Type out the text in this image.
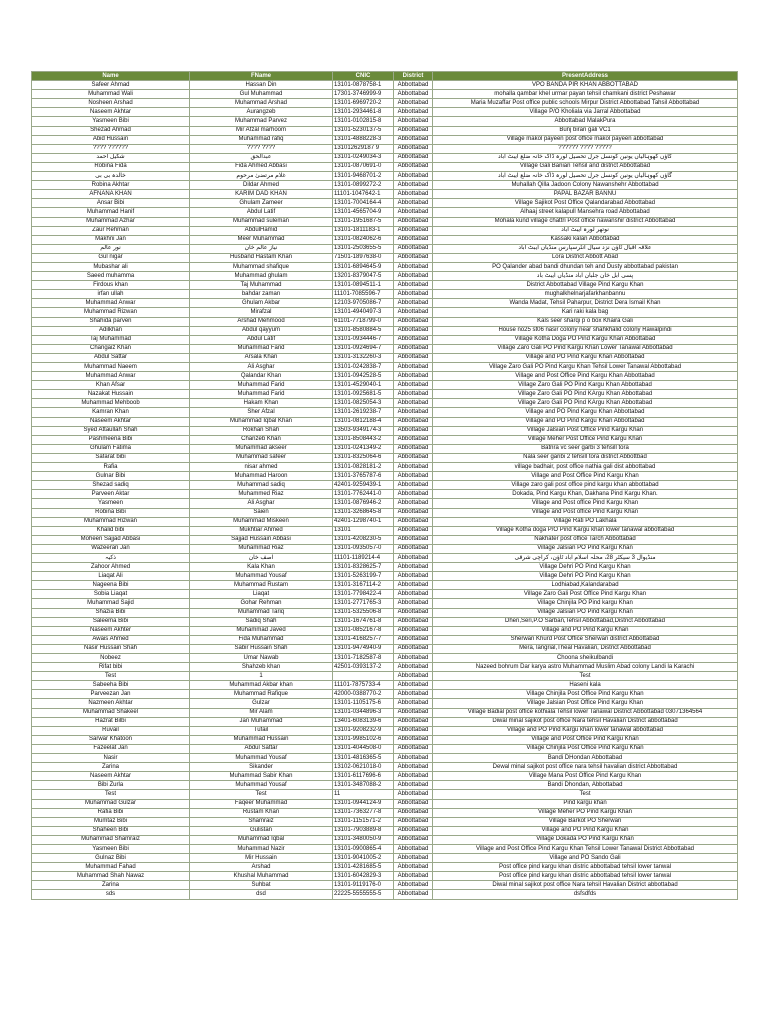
Name	FName	CNIC	District	PresentAddress
Safeer Ahmad	Hassan Din	13101-0878758-1	Abbottabad	VPO BANDA PIR KHAN ABBOTTABAD
Muhammad Wali	Gul Muhammad	17301-3746999-9	Abbottabad	mohalla qambar khel urmar payan tehsil chamkani district Peshawar
Nosheen Arshad	Muhammad Arshad	13101-6969720-2	Abbottabad	Maria Muzaffar Post office public schools Mirpur District Abbottabad Tahsil Abbottabad
Naseem Akhtar	Aurangzeb	13101-2934461-8	Abbottabad	Village P/O Kholiala via Jarral Abbottabad
Yasmeen Bibi	Muhammad Parvez	13101-0102815-8	Abbottabad	Abbottabad MalakPura
Shezad Ahmad	Mir Afzal marhoom	13101-5230137-5	Abbottabad	Bunj biran gali VC1
Abid Hussain	Muhammad rafiq	13101-4888228-3	Abbottabad	Village makol payeen post office makol payeen abbottabad
???? ??????	???? ????	131012629187 9	Abbottabad	?????? ???? ?????
شکیل احمد	عبدالحق	13101-0249034-3	Abbottabad	گاؤں کھوہالیاں یونین کونسل جرل تحصیل لورہ ڈاک خانہ ضلع ایبٹ آباد
Robina Fida	Fida Ahmed Abbasi	13101-0870691-0	Abbottabad	Village Gali Banian Tehsil and district Abbottabad
خالدہ بی بی	غلام مرتضیٰ مرحوم	13101-9468701-2	Abbottabad	گاؤں کھوہالیاں یونین کونسل جرل تحصیل لورہ ڈاک خانہ ضلع ایبٹ آباد
Robina Akhtar	Dildar Ahmed	13101-0899272-2	Abbottabad	Muhallah Qilla Jadoon Colony Nawanshehr Abbottabad
AFNANA KHAN	KARIM DAD KHAN	11101-1047642-1	Abbottabad	PAPAL BAZAR BANNU
Ansar Bibi	Ghulam Zameer	13101-7004164-4	Abbottabad	Village Sajikot Post Office Qalandarabad Abbottabad
Muhammad Hanif	Abdul Latif	13101-4565704-9	Abbottabad	Alhaaj street kalapull Mansehra road Abbottabad
Muhammad Azhar	Muhammad suleman	13101-1951687-5	Abbottabad	Mohala kund village chattri Post office nawanshir district Abbottabad
Zaur Rehman	AbdulHamid	13101-1811183-1	Abbottabad	نوتھر لورہ ایبٹ آباد
Makhni Jan	Meer Muhammad	13101-0824062-6	Abbottabad	Kassaki kalan Abbottabad
نور عالم	نیاز عالم خان	13101-2503655-5	Abbottabad	علاقہ اقبال ٹاؤن نزد سیال انٹرسپارس منڈیاں ایبٹ آباد
Gul nigar	Husband Hastam Khan	71501-1897638-0	Abbottabad	Lora District Abbott Abad
Mubashar ali	Muhammad shafique	13101-6894645-9	Abbottabad	PO Qalander abad bandi dhundan teh and Dusty abbottabad pakistan
Saeed muhamma	Muhammad ghulam	13201-8379047-5	Abbottabad	پسی آبل خان جلبان آباد منڈیاں ایبٹ باد
Firdous khan	Taj Muhammad	13101-0894511-1	Abbottabad	District Abbottabad Village Pind Kargu Khan
irfan ullah	bahdar zaman	11101-7085596-7	Abbottabad	mughalkhelnarjafarkhanbannu
Muhammad Anwar	Ghulam Akbar	12103-9705086-7	Abbottabad	Wanda Madat, Tehsil Paharpur, District Dera Ismail Khan
Muhammad Rizwan	Mirafzal	13101-4940497-3	Abbottabad	Kari raki kala bag
Shahida parven	Arshad Mehmood	61101-7718799-0	Abbottabad	Kals seer sharqi p o box Khaira Gali
Adilkhan	Abdul qayyum	13101-8580884-5	Abbottabad	House no25 st06 nasir colony near shahkhalid colony Rawalpindi
Taj Muhammad	Abdul Latif	13101-0934446-7	Abbottabad	Village Kotha Doga PO Pind Kargu Khan Abbottabad
Changaiz Khan	Muhammad Farid	13101-0924694-7	Abbottabad	Village Zaro Gali PO Pind Kargu Khan Lower Tanawal Abbottabad
Abdul Sattar	Arsala Khan	13101-3132260-3	Abbottabad	Village and PO Pind Kargu Khan Abbottabad
Muhammad Naeem	Ali Asghar	13101-0242838-7	Abbottabad	Village Zaro Gali PO Pind Kargu Khan Tehsil Lower Tanawal Abbottabad
Muhammad Anwar	Qalandar Khan	13101-0942528-5	Abbottabad	Village and Post Office Pind Kargu Khan Abbottabad
Khan Afsar	Muhammad Farid	13101-4529040-1	Abbottabad	Village Zaro Gali PO Pind Kargu Khan Abbottabad
Nazakat Hussain	Muhammad Farid	13101-0925681-5	Abbottabad	Village Zaro Gali PO Pind KArgu Khan Abbottabad
Muhammad Mehboob	Hakam Khan	13101-0825054-3	Abbottabad	Village Zaro Gali PO Pind KArgu Khan Abbottabad
Kamran Khan	Sher Afzal	13101-2619238-7	Abbottabad	Village and PO Pind Kargu Khan Abbottabad
Naseem Akhtar	Muhammad Iqbal Khan	13101-0812188-4	Abbottabad	Village and PO Pind Kargu Khan Abbottabad
Syed Attaullah Shah	Rokhan Shah	13503-9349174-3	Abbottabad	Village Jalsian Post Office Pind Kargu Khan
Pashmeena Bibi	Chanzeb Khan	13101-8508443-2	Abbottabad	Village Meher Post Office Pind Kargu Khan
Ghulam Fatima	Muhammad akseer	13101-0241349-2	Abbottabad	Batnra vc seer garbi 3 tehsill tora
Safarat bibi	Muhammad safeer	13101-8325064-6	Abbottabad	Nala seer garibi 2 tehsill tora district Abbottbad
Rafia	nisar ahmed	13101-0828181-2	Abbottabad	village badhair, post office nathia gali dist abbottabad
Gulnar Bibi	Muhammad Haroon	13101-3765787-6	Abbottabad	Village and Post Office Pind Kargu Khan
Shezad sadiq	Muhammad sadiq	42401-9259439-1	Abbottabad	Village zaro gali post office pind kargu khan abbottabad
Parveen Aktar	Muhammed Riaz	13101-7762441-0	Abbottabad	Dokada, Pind Kargu Khan, Dakhana Pind Kargu Khan.
Yasmeen	Ali Asghar	13101-0876946-2	Abbottabad	Village and Post office Pind Kargu Khan
Robina Bibi	Saien	13101-3268645-8	Abbottabad	Village and Post office Pind Kargu Khan
Muhammad Rizwan	Muhammad Miskeen	42401-1298740-1	Abbottabad	Village Rati PO Lakhala
Khalid bibi	Mukhtiar Ahmed	13101	Abbottabad	Village Kotha doga P/O Pind Kargu khan lower tanawal abbottabad
Moheen Sajjad Abbasi	Sajjad Hussain Abbasi	13101-4208230-5	Abbottabad	Nakhater post office Tarch Abbottabad
Wazeeran Jan	Muhammad Riaz	13101-0935057-0	Abbottabad	Village Jalsian PO Pind Kargu Khan
ذکیہ	اصف خان	11101-1189214-4	Abbottabad	منڈیوال 3 سیکٹر 28، محلہ اسلام آباد ٹاؤن، کراچی شرقی
Zahoor Ahmed	Kala Khan	13101-8328625-7	Abbottabad	Village Dehri PO Pind Kargu Khan
Liaqat Ali	Muhammad Yousaf	13101-5263199-7	Abbottabad	Village Dehri PO Pind Kargu Khan
Nageena Bibi	Muhammad Rustam	13101-3167114-2	Abbottabad	Lodhiabad,Kalandarabad
Sobia Liaqat	Liaqat	13101-7798422-4	Abbottabad	Village Zaro Gali Post Office Pind Kargu Khan
Muhammad Sajid	Gohar Rehman	13101-2771765-3	Abbottabad	Village Chinjila PO Pind kargu Khan
Shazia Bibi	Muhammad Tariq	13101-5325506-8	Abbottabad	Village Jalsian PO Pind Kargu Khan
Saleema Bibi	Sadiq Shah	13101-1674761-8	Abbottabad	Dheri,Seri,P.O Sarban,Tehsil Abbottabad,District Abbottabad
Naseem Akhter	Muhammad Javed	13101-0852167-8	Abbottabad	Village and PO Pind Kargu Khan
Awais Ahmed	Fida Muhammad	13101-4168257-7	Abbottabad	Sherwan Khurd Post Office Sherwan district Abbottabad
Nasir Hussain Shah	Sabir Hussain Shah	13101-9474940-9	Abbottabad	Mera, langrial,Theal Havalian, District Abbottabad
Nobeez	Umar Nawab	13101-7182587-8	Abbottabad	Choona sheikulbandi
Rifat bibi	Shahzeb khan	42501-0393137-2	Abbottabad	Nazeed bohrum Dar karya astro Muhammad Muslim Abad colony Landi la Karachi
Test	1		Abbottabad	Test
Sabeeha Bibi	Muhammad Akbar khan	11101-7875733-4	Abbottabad	Haseni kala
Parveezan Jan	Muhammad Rafique	42000-0388770-2	Abbottabad	Village Chinjila Post Office Pind Kargu Khan
Nazmeen Akhtar	Gulzar	13101-1105175-6	Abbottabad	Village Jalsian Post Office Pind Kargu Khan
Muhammad Shakeel	Mir Alam	13101-0344896-3	Abbottabad	Village Badial post office kothiala Tehsil lower Tanawal District Abbottabad 03071364564
Hazrat Bilbi	Jan Muhammad	13401-6083139-6	Abbottabad	Diwal minal sajikot post office Nara tehsil Havalian District abbottabad
Ruvail	Tufail	13101-9208232-9	Abbottabad	Village and PO Pind Kargu khan lower tanawal abbottabad
Sarwar Khatoon	Muhammad Hussain	13101-9985102-6	Abbottabad	Village and Post Office Pind Kargu Khan
Fazeelat Jan	Abdul Sattar	13101-4044508-0	Abbottabad	Village Chinjila Post Office Pind Kargu Khan
Nasir	Muhammad Yousaf	13101-4816365-5	Abbottabad	Bandi DHondan Abbottabad
Zarina	Sikander	13102-0621018-0	Abbottabad	Dewal minal sajikot post office nara tehsil havalian district Abbottabad
Naseem Akhtar	Muhammad Sabir Khan	13101-6117696-6	Abbottabad	Village Mana Post Office Pind Kargu Khan
Bibi Zurla	Muhammad Yousaf	13101-3487088-2	Abbottabad	Bandi Dhondan, Abbottabad
Test	Test	11	Abbottabad	Test
Muhammad Gulzar	Faqeer Muhammad	13101-0944124-9	Abbottabad	Pind kargu khan
Rafia Bibi	Rustam Khan	13101-7363277-8	Abbottabad	Village Meher PO Pind Kargu Khan
Mumtaz Bibi	Shamraiz	13101-1151571-2	Abbottabad	Village Barkot PO Sherwan
Shaheen Bibi	Gulistan	13101-7903889-8	Abbottabad	Village and PO Pind Kargu Khan
Muhammad Shamraiz	Muhammad Iqbal	13101-3480050-9	Abbottabad	Village Dokada PO Pind Kargu Khan
Yasmeen Bibi	Muhammad Nazir	13101-0900865-4	Abbottabad	Village and Post Office Pind Kargu Khan Tehsil Lower Tanawal District Abbottabad
Gulnaz Bibi	Mir Hussain	13101-9041005-2	Abbottabad	Village and PO Sando Gali
Muhammad Fahad	Arshad	13101-4281685-5	Abbottabad	Post office pind kargu khan distric abbottabad tehsil lower tanwal
Muhammad Shah Nawaz	Khushal Muhammad	13101-6042829-3	Abbottabad	Post office pind kargu khan distric abbottabad tehsil lower tanwal
Zarina	Suhbat	13101-9119176-0	Abbottabad	Diwal minal sajikot post office Nara tehsil Havalian District abbottabad
sds	dsd	22225-5555555-5	Abbottabad	dsfsdfds
